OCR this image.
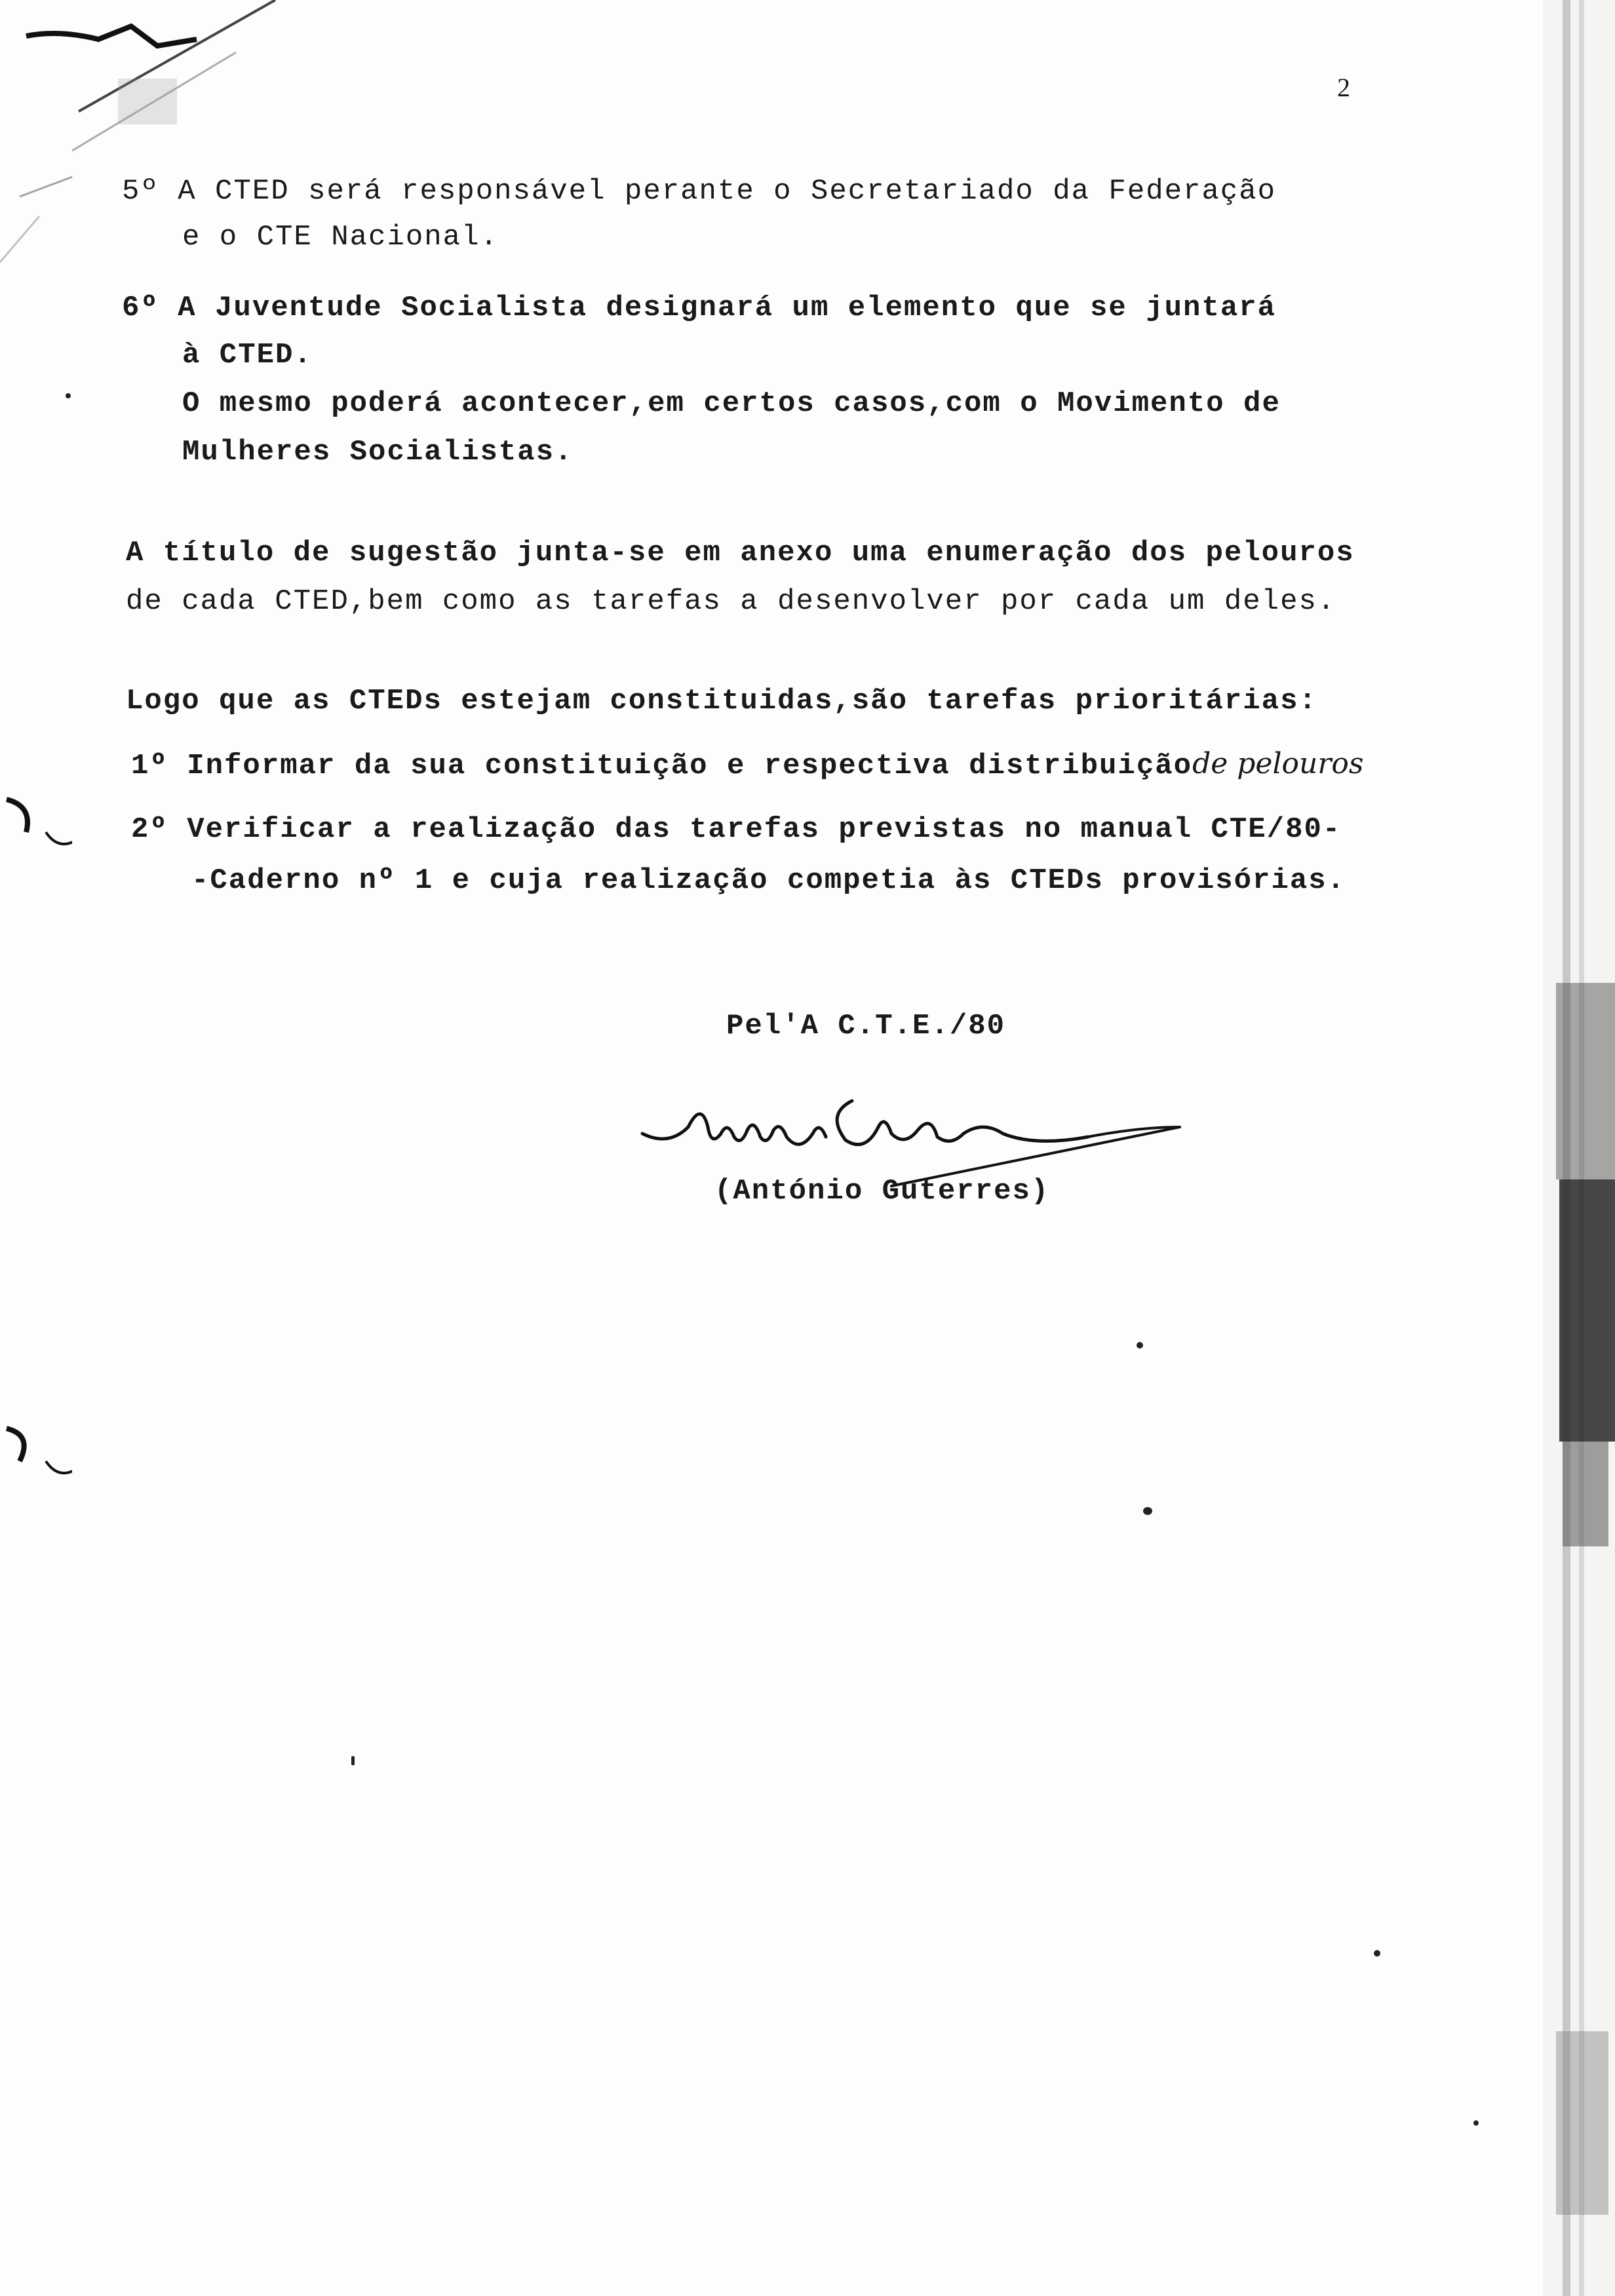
2
5º A CTED será responsável perante o Secretariado da Federação
e o CTE Nacional.
6º A Juventude Socialista designará um elemento que se juntará
à CTED.
O mesmo poderá acontecer,em certos casos,com o Movimento de
Mulheres Socialistas.
A título de sugestão junta-se em anexo uma enumeração dos pelouros
de cada CTED,bem como as tarefas a desenvolver por cada um deles.
Logo que as CTEDs estejam constituidas,são tarefas prioritárias:
1º Informar da sua constituição e respectiva distribuiçãode pelouros
2º Verificar a realização das tarefas previstas no manual CTE/80-
-Caderno nº 1 e cuja realização competia às CTEDs provisórias.
Pel'A C.T.E./80
(António Guterres)
